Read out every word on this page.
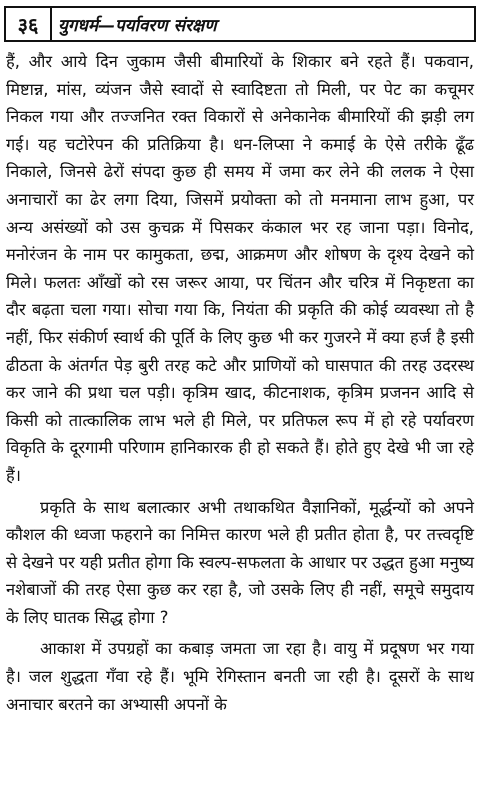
३६	युगधर्म—पर्यावरण संरक्षण

हैं, और आये दिन जुकाम जैसी बीमारियों के शिकार बने रहते हैं। पकवान, मिष्टान्न, मांस, व्यंजन जैसे स्वादों से स्वादिष्टता तो मिली, पर पेट का कचूमर निकल गया और तज्जनित रक्त विकारों से अनेकानेक बीमारियों की झड़ी लग गई। यह चटोरेपन की प्रतिक्रिया है। धन-लिप्सा ने कमाई के ऐसे तरीके ढूँढ निकाले, जिनसे ढेरों संपदा कुछ ही समय में जमा कर लेने की ललक ने ऐसा अनाचारों का ढेर लगा दिया, जिसमें प्रयोक्ता को तो मनमाना लाभ हुआ, पर अन्य असंख्यों को उस कुचक्र में पिसकर कंकाल भर रह जाना पड़ा। विनोद, मनोरंजन के नाम पर कामुकता, छद्म, आक्रमण और शोषण के दृश्य देखने को मिले। फलतः आँखों को रस जरूर आया, पर चिंतन और चरित्र में निकृष्टता का दौर बढ़ता चला गया। सोचा गया कि, नियंता की प्रकृति की कोई व्यवस्था तो है नहीं, फिर संकीर्ण स्वार्थ की पूर्ति के लिए कुछ भी कर गुजरने में क्या हर्ज है इसी ढीठता के अंतर्गत पेड़ बुरी तरह कटे और प्राणियों को घासपात की तरह उदरस्थ कर जाने की प्रथा चल पड़ी। कृत्रिम खाद, कीटनाशक, कृत्रिम प्रजनन आदि से किसी को तात्कालिक लाभ भले ही मिले, पर प्रतिफल रूप में हो रहे पर्यावरण विकृति के दूरगामी परिणाम हानिकारक ही हो सकते हैं। होते हुए देखे भी जा रहे हैं।

प्रकृति के साथ बलात्कार अभी तथाकथित वैज्ञानिकों, मूर्द्धन्यों को अपने कौशल की ध्वजा फहराने का निमित्त कारण भले ही प्रतीत होता है, पर तत्त्वदृष्टि से देखने पर यही प्रतीत होगा कि स्वल्प-सफलता के आधार पर उद्धत हुआ मनुष्य नशेबाजों की तरह ऐसा कुछ कर रहा है, जो उसके लिए ही नहीं, समूचे समुदाय के लिए घातक सिद्ध होगा ?

आकाश में उपग्रहों का कबाड़ जमता जा रहा है। वायु में प्रदूषण भर गया है। जल शुद्धता गँवा रहे हैं। भूमि रेगिस्तान बनती जा रही है। दूसरों के साथ अनाचार बरतने का अभ्यासी अपनों के
